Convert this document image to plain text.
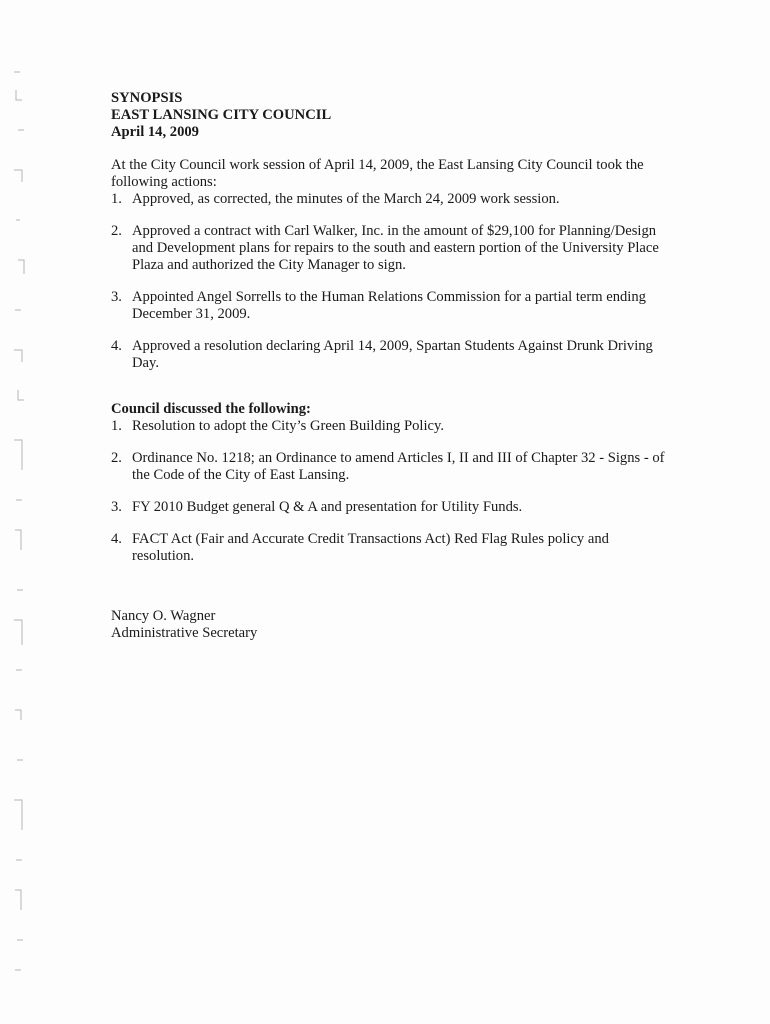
SYNOPSIS
EAST LANSING CITY COUNCIL
April 14, 2009
At the City Council work session of April 14, 2009, the East Lansing City Council took the following actions:
1. Approved, as corrected, the minutes of the March 24, 2009 work session.
2. Approved a contract with Carl Walker, Inc. in the amount of $29,100 for Planning/Design and Development plans for repairs to the south and eastern portion of the University Place Plaza and authorized the City Manager to sign.
3. Appointed Angel Sorrells to the Human Relations Commission for a partial term ending December 31, 2009.
4. Approved a resolution declaring April 14, 2009, Spartan Students Against Drunk Driving Day.
Council discussed the following:
1. Resolution to adopt the City’s Green Building Policy.
2. Ordinance No. 1218; an Ordinance to amend Articles I, II and III of Chapter 32 - Signs - of the Code of the City of East Lansing.
3. FY 2010 Budget general Q & A and presentation for Utility Funds.
4. FACT Act (Fair and Accurate Credit Transactions Act) Red Flag Rules policy and resolution.
Nancy O. Wagner
Administrative Secretary
